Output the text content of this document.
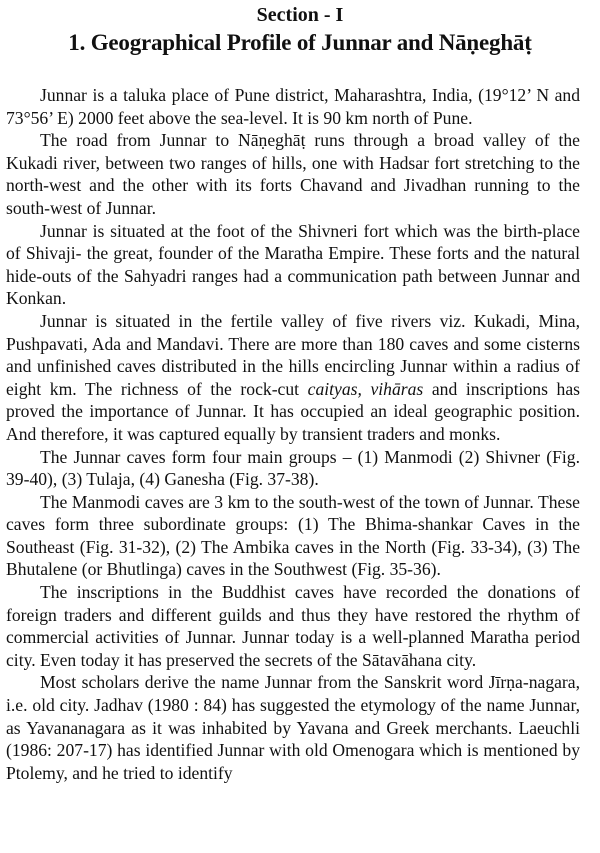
Section - I
1. Geographical Profile of Junnar and Nāṇeghāṭ

Junnar is a taluka place of Pune district, Maharashtra, India, (19°12’ N and 73°56’ E) 2000 feet above the sea-level. It is 90 km north of Pune.

The road from Junnar to Nāṇeghāṭ runs through a broad valley of the Kukadi river, between two ranges of hills, one with Hadsar fort stretching to the north-west and the other with its forts Chavand and Jivadhan running to the south-west of Junnar.

Junnar is situated at the foot of the Shivneri fort which was the birth-place of Shivaji- the great, founder of the Maratha Empire. These forts and the natural hide-outs of the Sahyadri ranges had a communication path between Junnar and Konkan.

Junnar is situated in the fertile valley of five rivers viz. Kukadi, Mina, Pushpavati, Ada and Mandavi. There are more than 180 caves and some cisterns and unfinished caves distributed in the hills encircling Junnar within a radius of eight km. The richness of the rock-cut caityas, vihāras and inscriptions has proved the importance of Junnar. It has occupied an ideal geographic position. And therefore, it was captured equally by transient traders and monks.

The Junnar caves form four main groups – (1) Manmodi (2) Shivner (Fig. 39-40), (3) Tulaja, (4) Ganesha (Fig. 37-38).

The Manmodi caves are 3 km to the south-west of the town of Junnar. These caves form three subordinate groups: (1) The Bhima-shankar Caves in the Southeast (Fig. 31-32), (2) The Ambika caves in the North (Fig. 33-34), (3) The Bhutalene (or Bhutlinga) caves in the Southwest (Fig. 35-36).

The inscriptions in the Buddhist caves have recorded the donations of foreign traders and different guilds and thus they have restored the rhythm of commercial activities of Junnar. Junnar today is a well-planned Maratha period city. Even today it has preserved the secrets of the Sātavāhana city.

Most scholars derive the name Junnar from the Sanskrit word Jīrṇa-nagara, i.e. old city. Jadhav (1980 : 84) has suggested the etymology of the name Junnar, as Yavananagara as it was inhabited by Yavana and Greek merchants. Laeuchli (1986: 207-17) has identified Junnar with old Omenogara which is mentioned by Ptolemy, and he tried to identify
